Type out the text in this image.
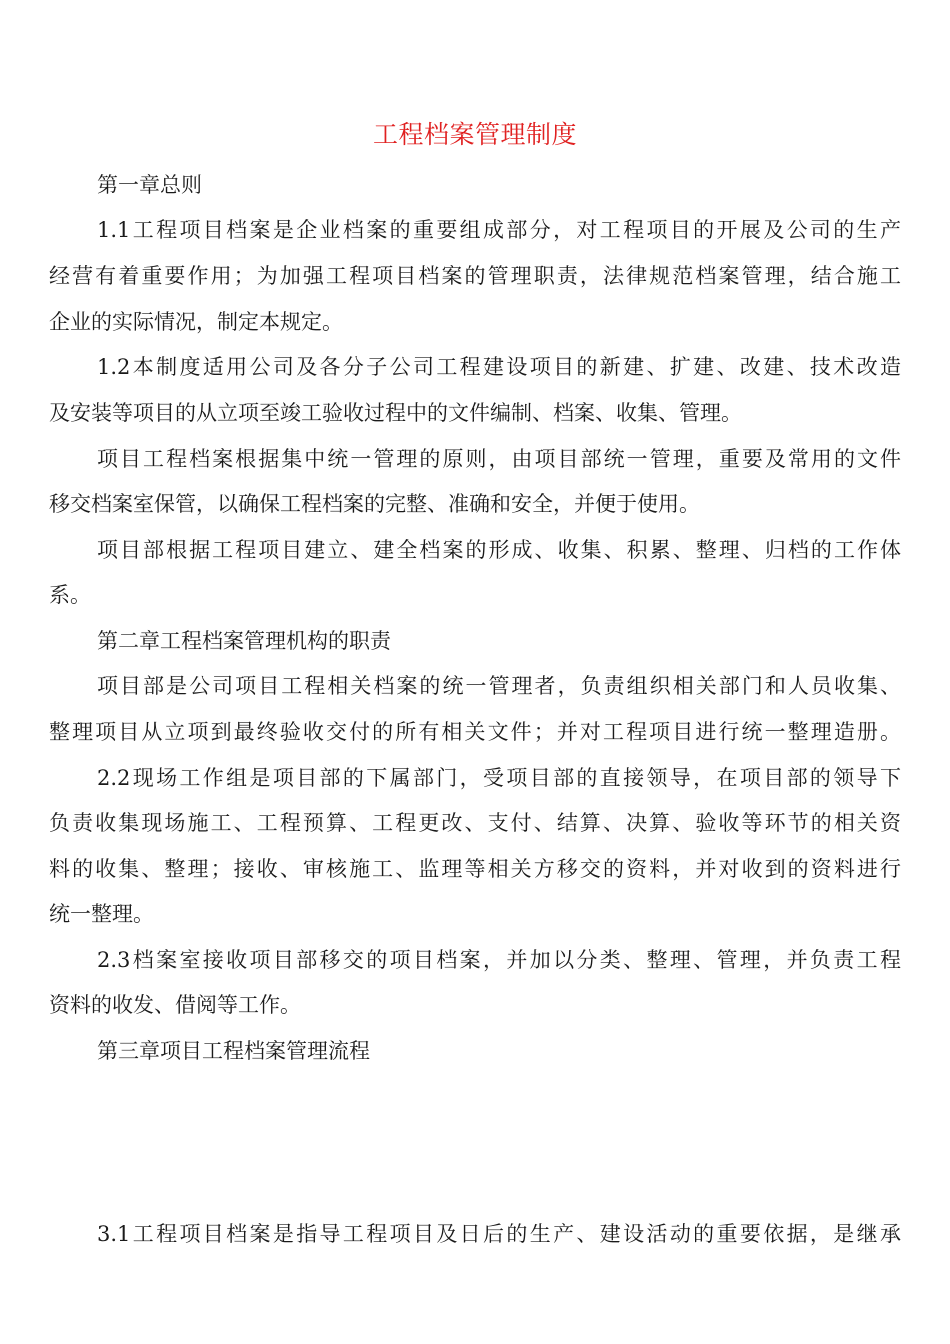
工程档案管理制度
第一章总则
1.1工程项目档案是企业档案的重要组成部分，对工程项目的开展及公司的生产
经营有着重要作用；为加强工程项目档案的管理职责，法律规范档案管理，结合施工
企业的实际情况，制定本规定。
1.2本制度适用公司及各分子公司工程建设项目的新建、扩建、改建、技术改造
及安装等项目的从立项至竣工验收过程中的文件编制、档案、收集、管理。
项目工程档案根据集中统一管理的原则，由项目部统一管理，重要及常用的文件
移交档案室保管，以确保工程档案的完整、准确和安全，并便于使用。
项目部根据工程项目建立、建全档案的形成、收集、积累、整理、归档的工作体
系。
第二章工程档案管理机构的职责
项目部是公司项目工程相关档案的统一管理者，负责组织相关部门和人员收集、
整理项目从立项到最终验收交付的所有相关文件；并对工程项目进行统一整理造册。
2.2现场工作组是项目部的下属部门，受项目部的直接领导，在项目部的领导下
负责收集现场施工、工程预算、工程更改、支付、结算、决算、验收等环节的相关资
料的收集、整理；接收、审核施工、监理等相关方移交的资料，并对收到的资料进行
统一整理。
2.3档案室接收项目部移交的项目档案，并加以分类、整理、管理，并负责工程
资料的收发、借阅等工作。
第三章项目工程档案管理流程
3.1工程项目档案是指导工程项目及日后的生产、建设活动的重要依据，是继承
